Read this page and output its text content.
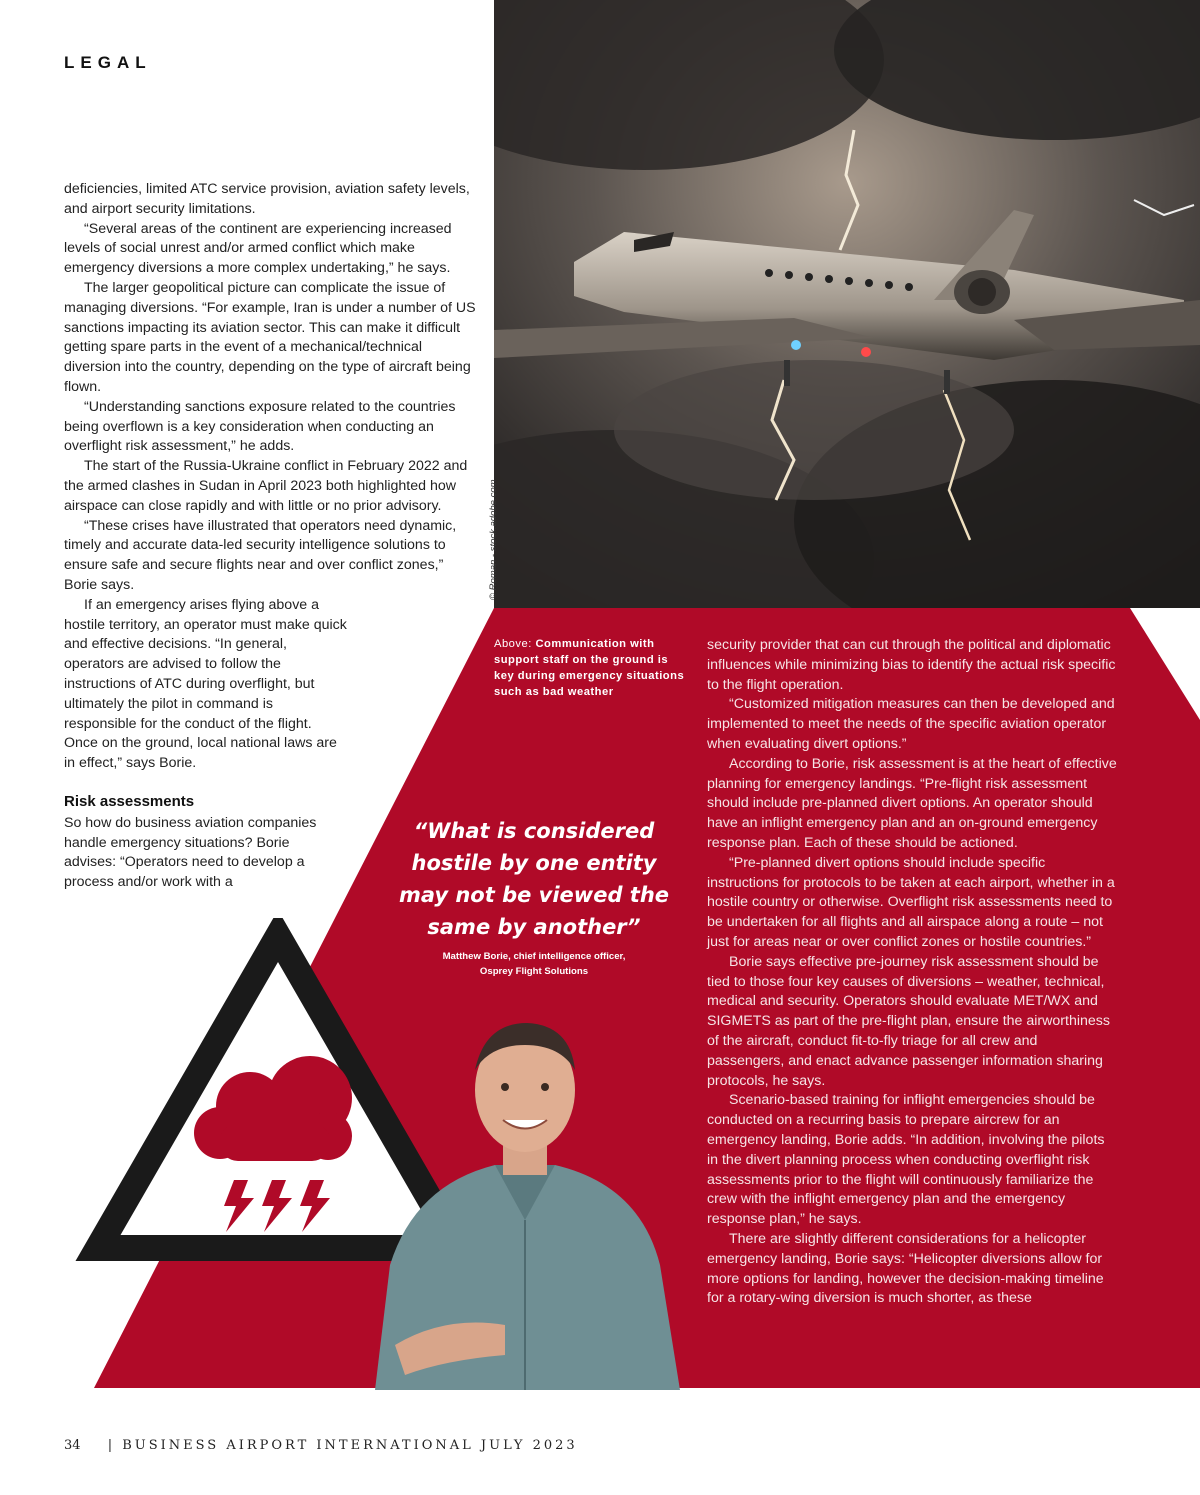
LEGAL
© Roman - stock.adobe.com

deficiencies, limited ATC service provision, aviation safety levels, and airport security limitations.

“Several areas of the continent are experiencing increased levels of social unrest and/or armed conflict which make emergency diversions a more complex undertaking,” he says.

The larger geopolitical picture can complicate the issue of managing diversions. “For example, Iran is under a number of US sanctions impacting its aviation sector. This can make it difficult getting spare parts in the event of a mechanical/technical diversion into the country, depending on the type of aircraft being flown.

“Understanding sanctions exposure related to the countries being overflown is a key consideration when conducting an overflight risk assessment,” he adds.

The start of the Russia-Ukraine conflict in February 2022 and the armed clashes in Sudan in April 2023 both highlighted how airspace can close rapidly and with little or no prior advisory.

“These crises have illustrated that operators need dynamic, timely and accurate data-led security intelligence solutions to ensure safe and secure flights near and over conflict zones,” Borie says.

If an emergency arises flying above a hostile territory, an operator must make quick and effective decisions. “In general, operators are advised to follow the instructions of ATC during overflight, but ultimately the pilot in command is responsible for the conduct of the flight. Once on the ground, local national laws are in effect,” says Borie.

Risk assessments

So how do business aviation companies handle emergency situations? Borie advises: “Operators need to develop a process and/or work with a

Above: Communication with support staff on the ground is key during emergency situations such as bad weather
“What is considered hostile by one entity may not be viewed the same by another”
Matthew Borie, chief intelligence officer,
Osprey Flight Solutions

security provider that can cut through the political and diplomatic influences while minimizing bias to identify the actual risk specific to the flight operation.

“Customized mitigation measures can then be developed and implemented to meet the needs of the specific aviation operator when evaluating divert options.”

According to Borie, risk assessment is at the heart of effective planning for emergency landings. “Pre-flight risk assessment should include pre-planned divert options. An operator should have an inflight emergency plan and an on-ground emergency response plan. Each of these should be actioned.

“Pre-planned divert options should include specific instructions for protocols to be taken at each airport, whether in a hostile country or otherwise. Overflight risk assessments need to be undertaken for all flights and all airspace along a route – not just for areas near or over conflict zones or hostile countries.”

Borie says effective pre-journey risk assessment should be tied to those four key causes of diversions – weather, technical, medical and security. Operators should evaluate MET/WX and SIGMETS as part of the pre-flight plan, ensure the airworthiness of the aircraft, conduct fit-to-fly triage for all crew and passengers, and enact advance passenger information sharing protocols, he says.

Scenario-based training for inflight emergencies should be conducted on a recurring basis to prepare aircrew for an emergency landing, Borie adds. “In addition, involving the pilots in the divert planning process when conducting overflight risk assessments prior to the flight will continuously familiarize the crew with the inflight emergency plan and the emergency response plan,” he says.

There are slightly different considerations for a helicopter emergency landing, Borie says: “Helicopter diversions allow for more options for landing, however the decision-making timeline for a rotary-wing diversion is much shorter, as these

34 | BUSINESS AIRPORT INTERNATIONAL JULY 2023
